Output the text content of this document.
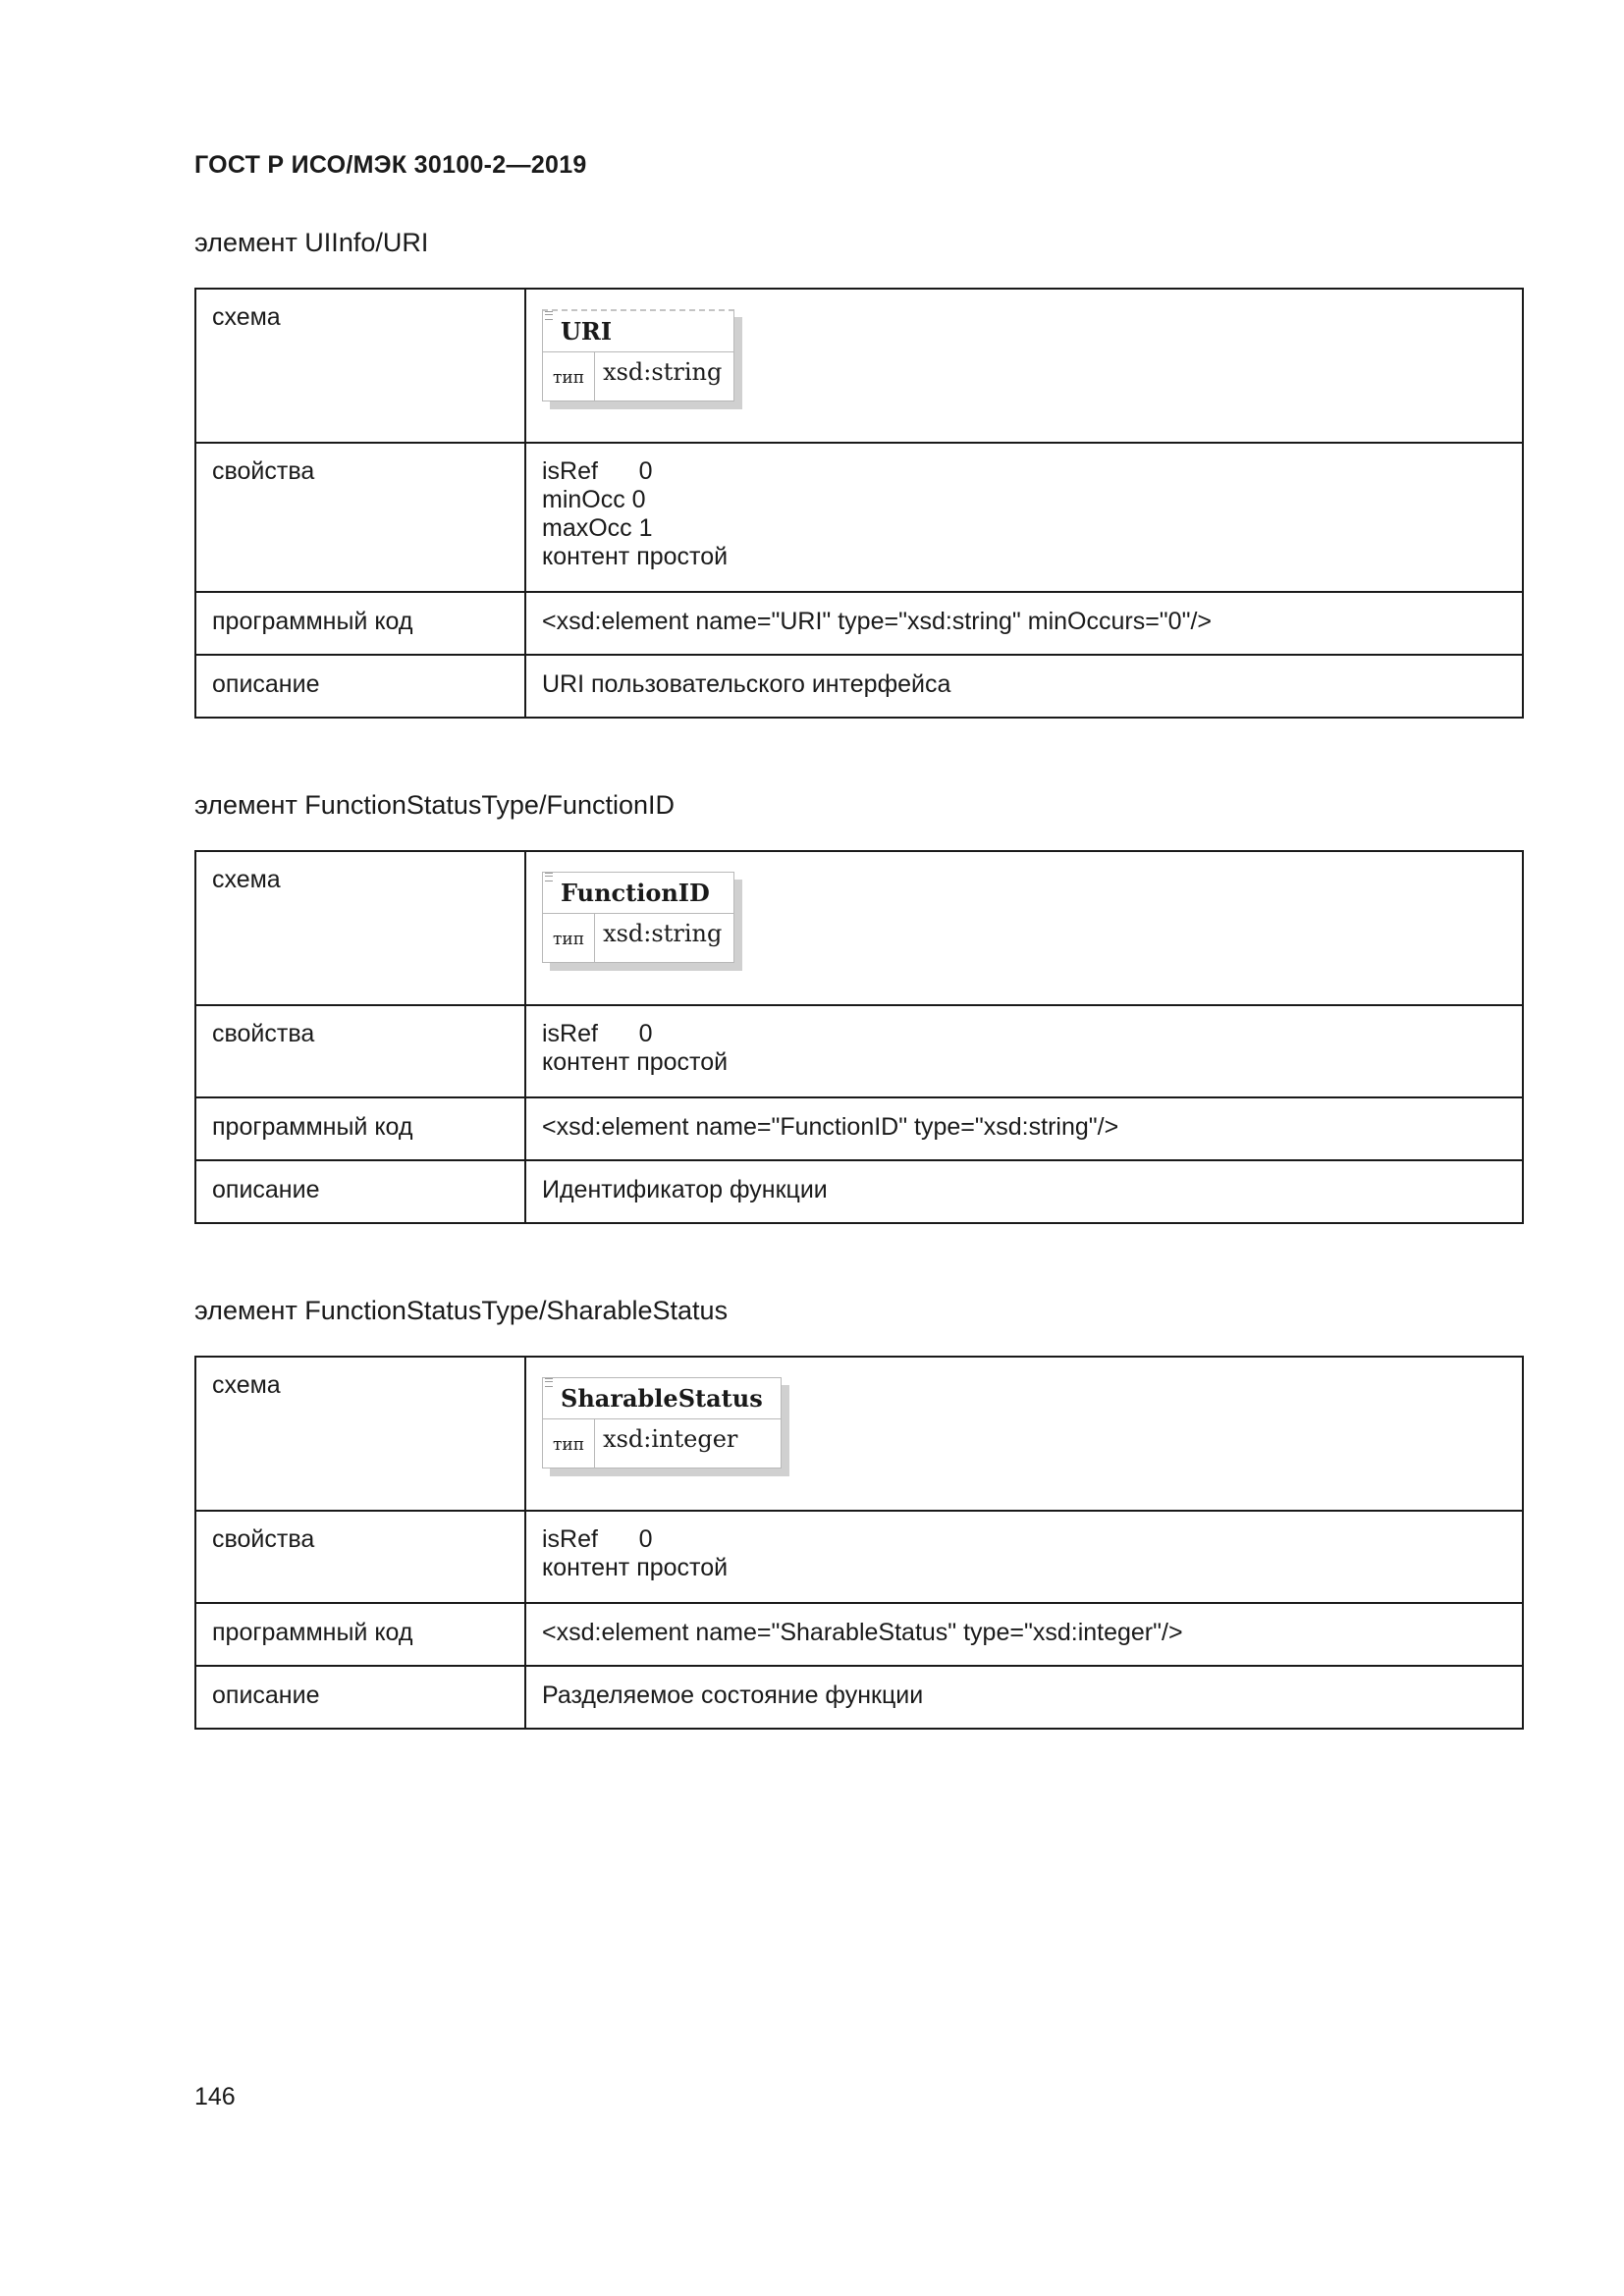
ГОСТ Р ИСО/МЭК 30100-2—2019
элемент UIInfo/URI
схема	URI
тип xsd:string

свойства	isRef      0
minOcc 0
maxOcc 1
контент простой

программный код	<xsd:element name="URI" type="xsd:string" minOccurs="0"/>
описание	URI пользовательского интерфейса
элемент FunctionStatusType/FunctionID
схема	FunctionID
тип xsd:string

свойства	isRef      0
контент простой

программный код	<xsd:element name="FunctionID" type="xsd:string"/>
описание	Идентификатор функции
элемент FunctionStatusType/SharableStatus
схема	SharableStatus
тип xsd:integer

свойства	isRef      0
контент простой

программный код	<xsd:element name="SharableStatus" type="xsd:integer"/>
описание	Разделяемое состояние функции
146
